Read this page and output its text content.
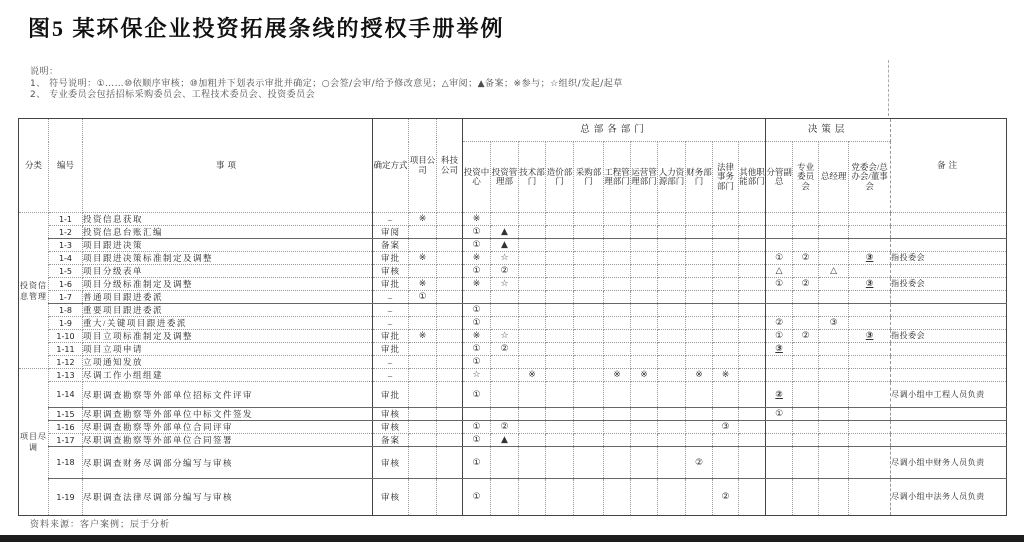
图5 某环保企业投资拓展条线的授权手册举例
说明：
1、 符号说明：①……⑩依顺序审核；⑩加粗并下划表示审批并确定；○会签/会审/给予修改意见；△审阅；▲备案；※参与；☆组织/发起/起草
2、 专业委员会包括招标采购委员会、工程技术委员会、投资委员会
分类	编号	事项	确定方式	项目公司	科技公司	总部各部门											决策层				备注
						投资中心	投资管理部	技术部门	造价部门	采购部门	工程管理部门	运营管理部门	人力资源部门	财务部门	法律事务部门	其他职能部门	分管副总	专业委员会	总经理	党委会/总办会/董事会	
投资信息管理	1-1	投资信息获取	–	※		※															
	1-2	投资信息台账汇编	审阅			①	▲														
	1-3	项目跟进决策	备案			①	▲														
	1-4	项目跟进决策标准制定及调整	审批	※		※	☆										①	②		③	指投委会
	1-5	项目分级表单	审核			①	②										△		△		
	1-6	项目分级标准制定及调整	审批	※		※	☆										①	②		③	指投委会
	1-7	普通项目跟进委派	–	①																	
	1-8	重要项目跟进委派	–			①															
	1-9	重大/关键项目跟进委派	–			①											②		③		
	1-10	项目立项标准制定及调整	审批	※		※	☆										①	②		③	指投委会
	1-11	项目立项申请	审批			①	②										③				
	1-12	立项通知发放	–			①															
项目尽调	1-13	尽调工作小组组建	–			☆		※			※	※		※	※						
	1-14	尽职调查勘察等外部单位招标文件评审	审批			①											②				尽调小组中工程人员负责
	1-15	尽职调查勘察等外部单位中标文件签发	审核														①				
	1-16	尽职调查勘察等外部单位合同评审	审核			①	②								③						
	1-17	尽职调查勘察等外部单位合同签署	备案			①	▲														
	1-18	尽职调查财务尽调部分编写与审核	审核			①								②							尽调小组中财务人员负责
	1-19	尽职调查法律尽调部分编写与审核	审核			①									②						尽调小组中法务人员负责
资料来源：客户案例；辰于分析
